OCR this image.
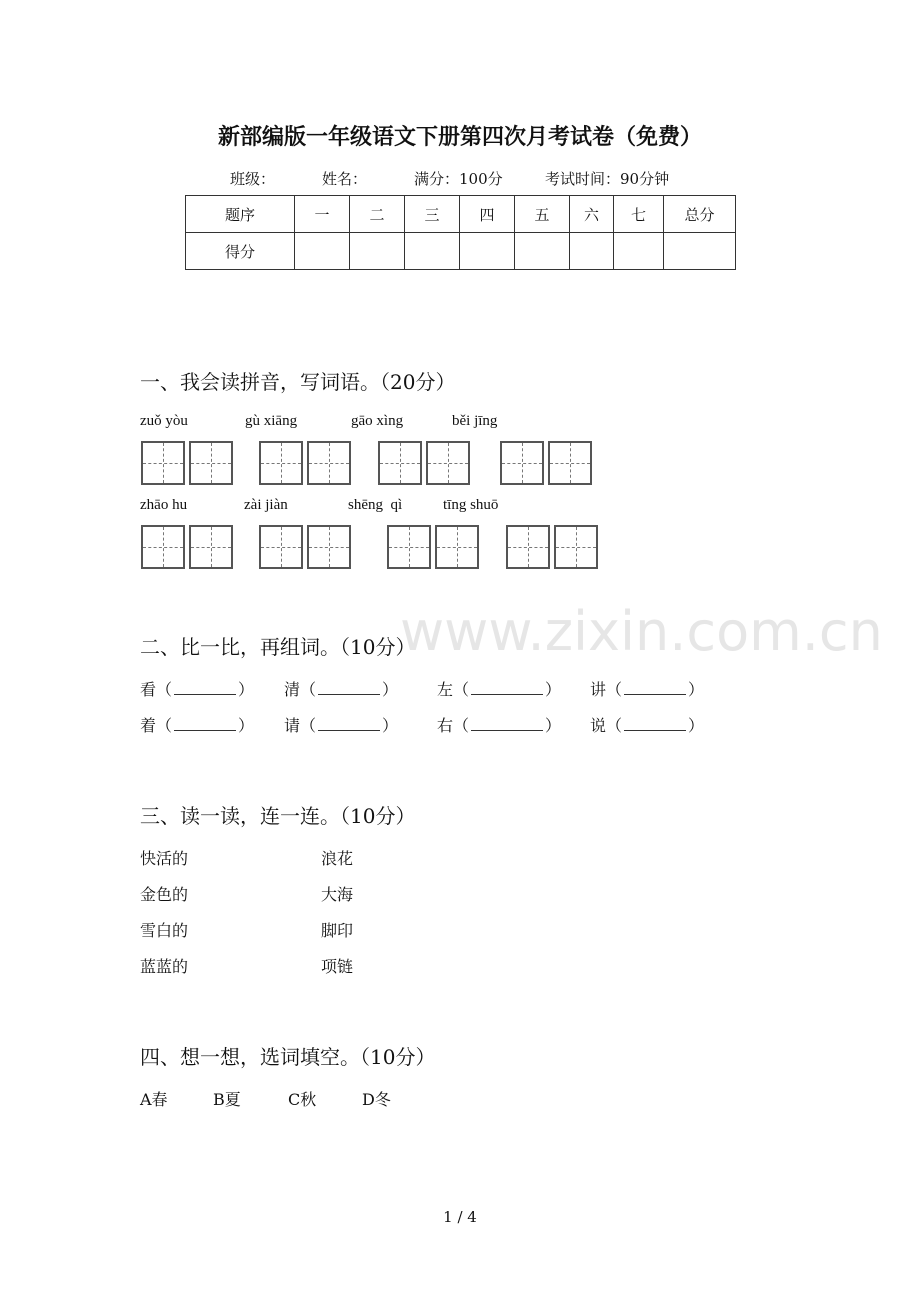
www.zixin.com.cn
新部编版一年级语文下册第四次月考试卷（免费）
班级：	姓名：	满分：100分	考试时间：90分钟
题序	一	二	三	四	五	六	七	总分
得分								
一、我会读拼音，写词语。（20分）
zuǒ yòu	gù xiāng	gāo xìng	běi jīng
zhāo hu	zài jiàn	shēng  qì	tīng shuō
二、比一比，再组词。（10分）
看（	） 清（	） 左（	） 讲（	）
着（	） 请（	） 右（	） 说（	）
三、读一读，连一连。（10分）
快活的
金色的
雪白的
蓝蓝的
浪花
大海
脚印
项链
四、想一想，选词填空。（10分）
A春	B夏	C秋	D冬
1 / 4
